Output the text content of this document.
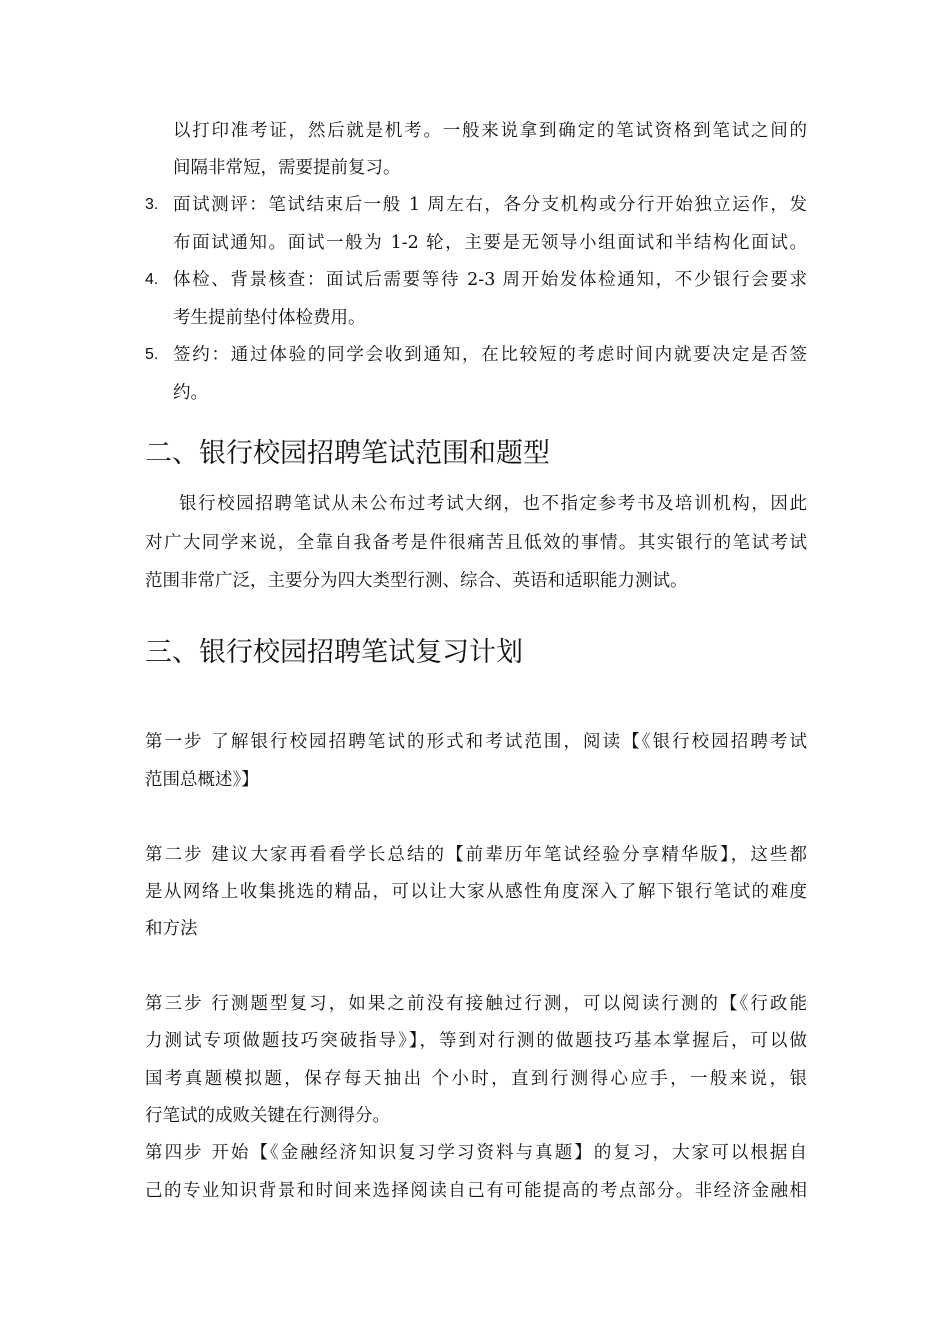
以打印准考证，然后就是机考。一般来说拿到确定的笔试资格到笔试之间的
间隔非常短，需要提前复习。
3. 面试测评：笔试结束后一般 1 周左右，各分支机构或分行开始独立运作，发
布面试通知。面试一般为 1-2 轮，主要是无领导小组面试和半结构化面试。
4. 体检、背景核查：面试后需要等待 2-3 周开始发体检通知，不少银行会要求
考生提前垫付体检费用。
5. 签约：通过体验的同学会收到通知，在比较短的考虑时间内就要决定是否签
约。
二、银行校园招聘笔试范围和题型
银行校园招聘笔试从未公布过考试大纲，也不指定参考书及培训机构，因此
对广大同学来说，全靠自我备考是件很痛苦且低效的事情。其实银行的笔试考试
范围非常广泛，主要分为四大类型行测、综合、英语和适职能力测试。
三、银行校园招聘笔试复习计划
第一步 了解银行校园招聘笔试的形式和考试范围，阅读【《银行校园招聘考试
范围总概述》】
第二步 建议大家再看看学长总结的【前辈历年笔试经验分享精华版】，这些都
是从网络上收集挑选的精品，可以让大家从感性角度深入了解下银行笔试的难度
和方法
第三步 行测题型复习，如果之前没有接触过行测，可以阅读行测的【《行政能
力测试专项做题技巧突破指导》】，等到对行测的做题技巧基本掌握后，可以做
国考真题模拟题，保存每天抽出 个小时，直到行测得心应手，一般来说，银
行笔试的成败关键在行测得分。
第四步 开始【《金融经济知识复习学习资料与真题】的复习，大家可以根据自
己的专业知识背景和时间来选择阅读自己有可能提高的考点部分。非经济金融相
